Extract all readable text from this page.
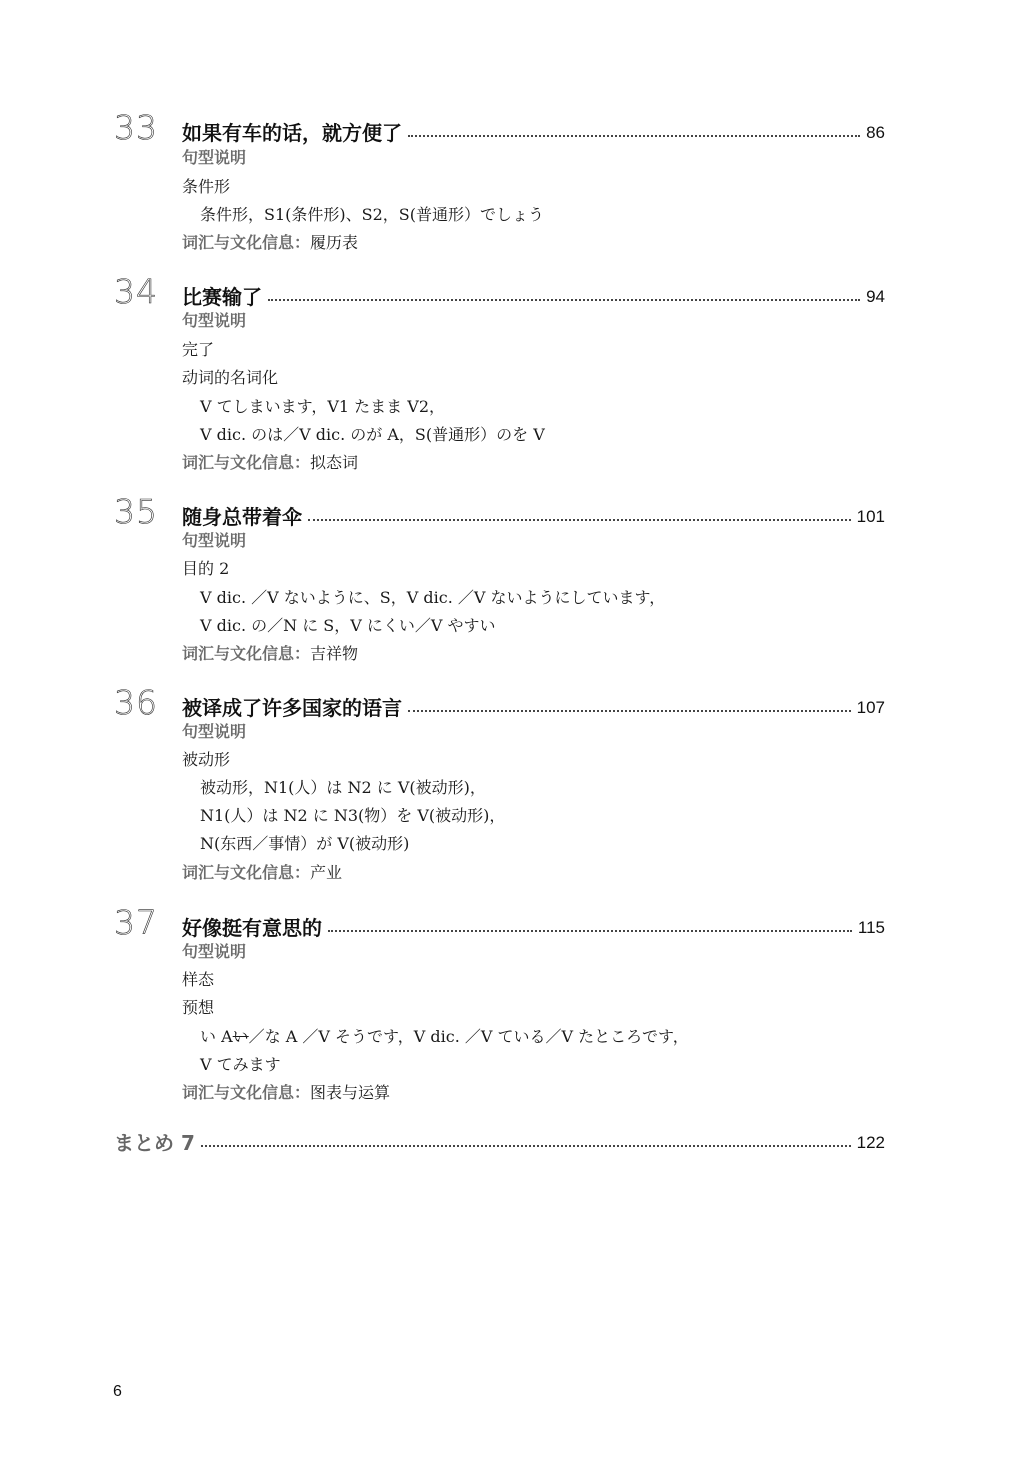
33 如果有车的话，就方便了	86
句型说明
条件形
条件形，S1(条件形)、S2，S(普通形）でしょう
词汇与文化信息：履历表
34 比赛输了	94
句型说明
完了
动词的名词化
V てしまいます，V1 たまま V2，
V dic. のは／V dic. のが A，S(普通形）のを V
词汇与文化信息：拟态词
35 随身总带着伞	101
句型说明
目的 2
V dic. ／V ないように、S，V dic. ／V ないようにしています，
V dic. の／N に S，V にくい／V やすい
词汇与文化信息：吉祥物
36 被译成了许多国家的语言	107
句型说明
被动形
被动形，N1(人）は N2 に V(被动形)，
N1(人）は N2 に N3(物）を V(被动形)，
N(东西／事情）が V(被动形)
词汇与文化信息：产业
37 好像挺有意思的	115
句型说明
样态
预想
い Aい／な A ／V そうです，V dic. ／V ている／V たところです，
V てみます
词汇与文化信息：图表与运算
まとめ 7	122
6
